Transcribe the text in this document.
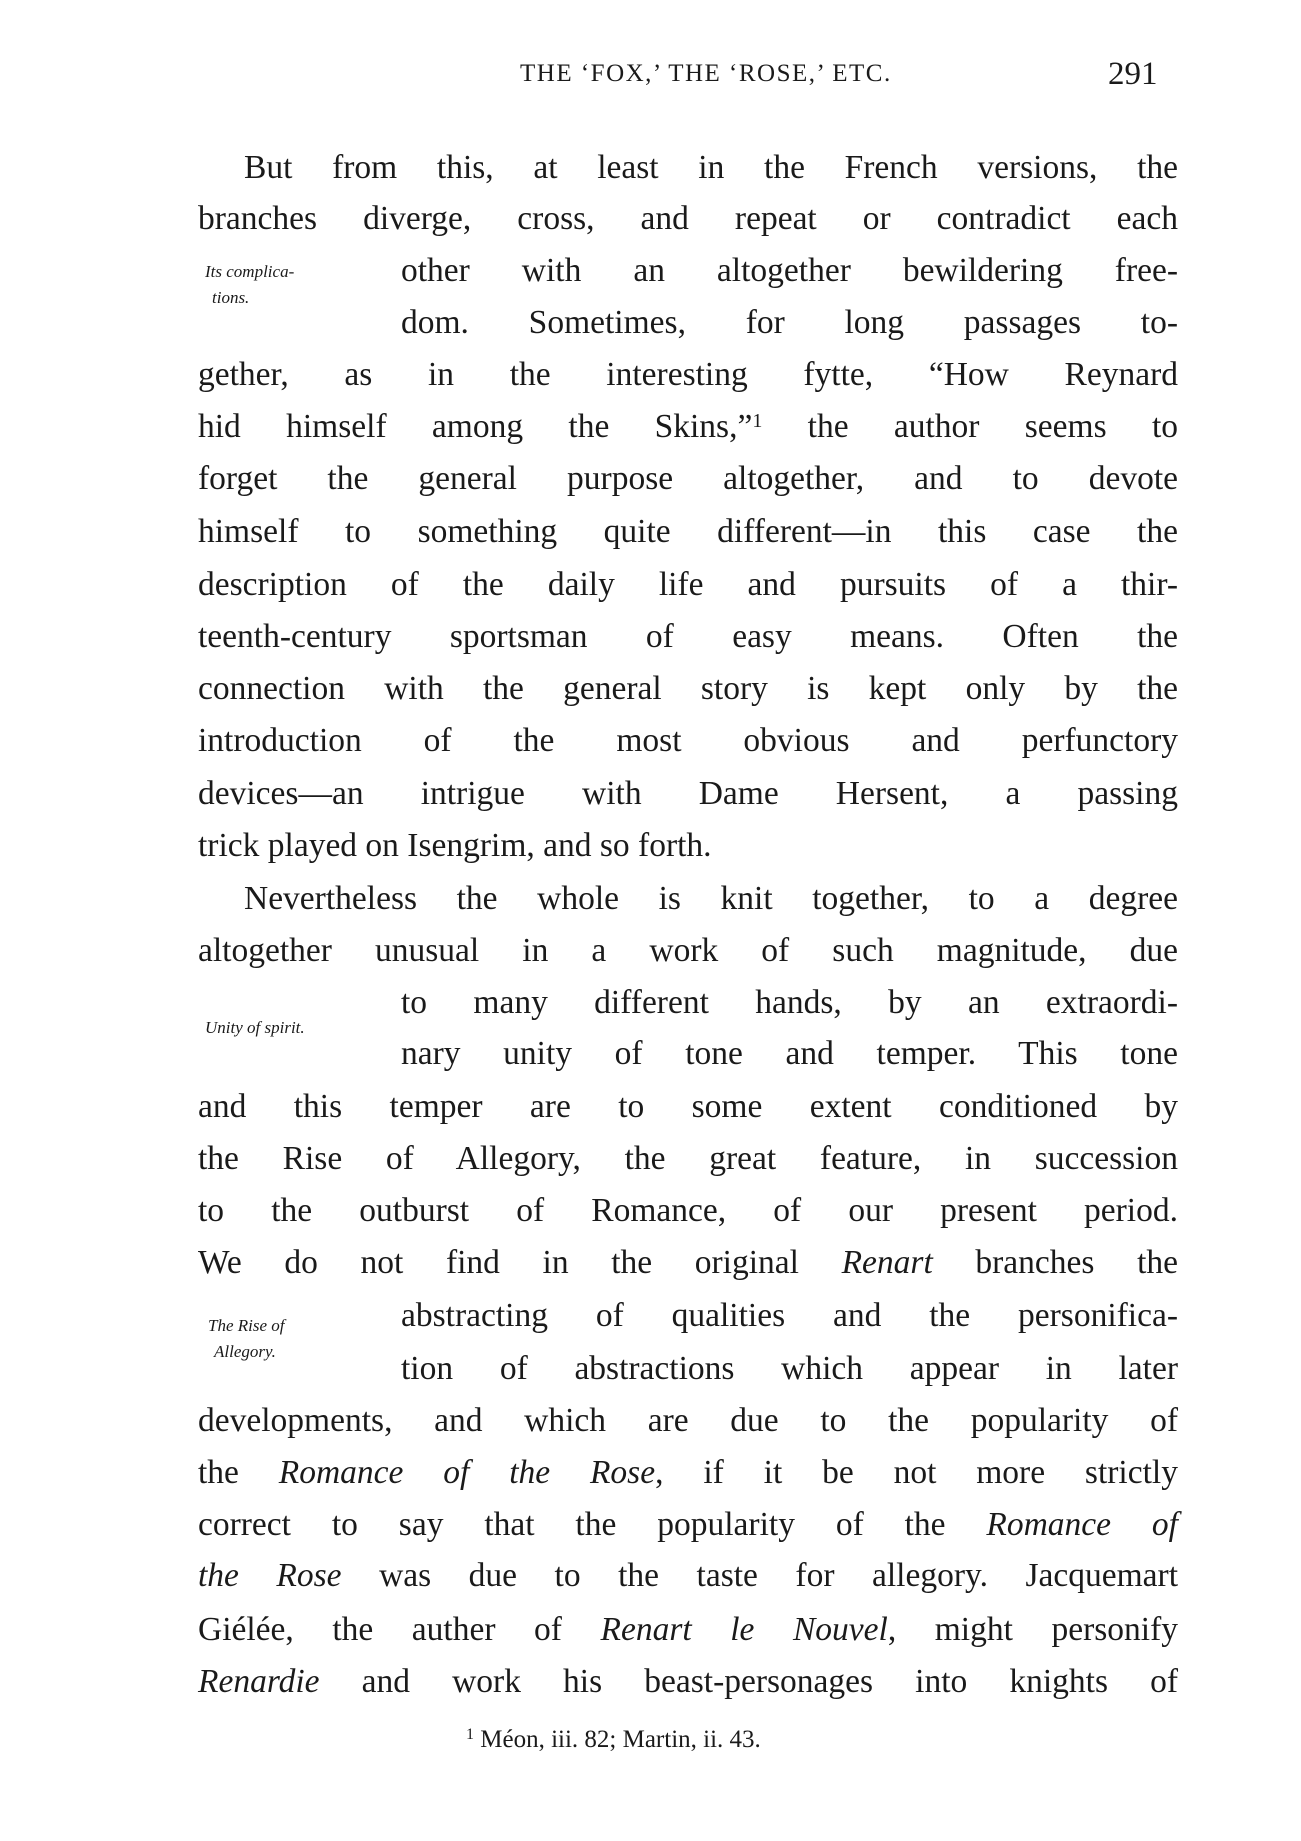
THE ‘FOX,’ THE ‘ROSE,’ ETC.	291
But from this, at least in the French versions, the
branches diverge, cross, and repeat or contradict each
other with an altogether bewildering free-
dom. Sometimes, for long passages to-
gether, as in the interesting fytte, “How Reynard
hid himself among the Skins,”$^1$ the author seems to
forget the general purpose altogether, and to devote
himself to something quite different—in this case the
description of the daily life and pursuits of a thir-
teenth-century sportsman of easy means. Often the
connection with the general story is kept only by the
introduction of the most obvious and perfunctory
devices—an intrigue with Dame Hersent, a passing
trick played on Isengrim, and so forth.
Nevertheless the whole is knit together, to a degree
altogether unusual in a work of such magnitude, due
to many different hands, by an extraordi-
nary unity of tone and temper. This tone
and this temper are to some extent conditioned by
the Rise of Allegory, the great feature, in succession
to the outburst of Romance, of our present period.
We do not find in the original Renart branches the
abstracting of qualities and the personifica-
tion of abstractions which appear in later
developments, and which are due to the popularity of
the Romance of the Rose, if it be not more strictly
correct to say that the popularity of the Romance of
the Rose was due to the taste for allegory. Jacquemart
Giélée, the auther of Renart le Nouvel, might personify
Renardie and work his beast-personages into knights of
Its complica-
tions.
Unity of spirit.
The Rise of
Allegory.
$^1$ Méon, iii. 82; Martin, ii. 43.
